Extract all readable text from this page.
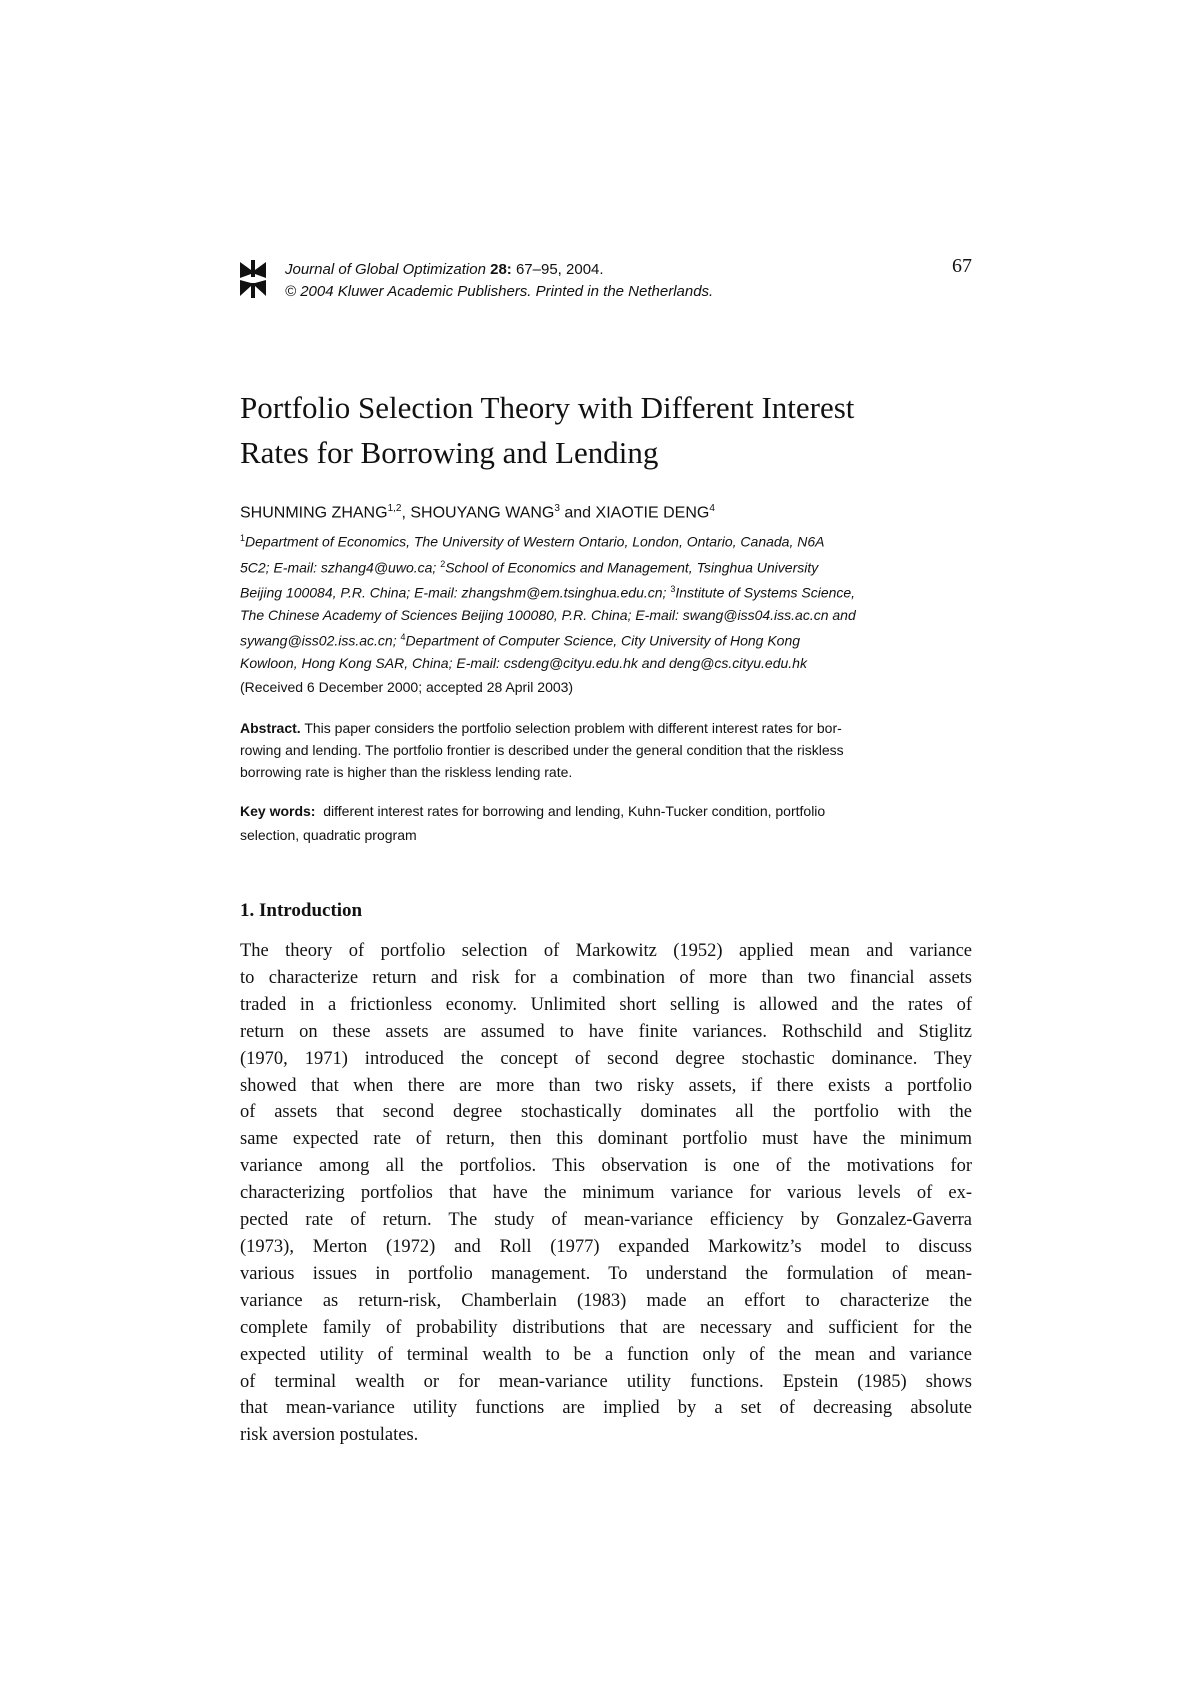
Journal of Global Optimization 28: 67–95, 2004.
© 2004 Kluwer Academic Publishers. Printed in the Netherlands.
67
Portfolio Selection Theory with Different Interest
Rates for Borrowing and Lending
SHUNMING ZHANG$^{1,2}$, SHOUYANG WANG$^3$ and XIAOTIE DENG$^4$
$^1$Department of Economics, The University of Western Ontario, London, Ontario, Canada, N6A
5C2; E-mail: szhang4@uwo.ca; $^2$School of Economics and Management, Tsinghua University
Beijing 100084, P.R. China; E-mail: zhangshm@em.tsinghua.edu.cn; $^3$Institute of Systems Science,
The Chinese Academy of Sciences Beijing 100080, P.R. China; E-mail: swang@iss04.iss.ac.cn and
sywang@iss02.iss.ac.cn; $^4$Department of Computer Science, City University of Hong Kong
Kowloon, Hong Kong SAR, China; E-mail: csdeng@cityu.edu.hk and deng@cs.cityu.edu.hk
(Received 6 December 2000; accepted 28 April 2003)
Abstract. This paper considers the portfolio selection problem with different interest rates for bor-
rowing and lending. The portfolio frontier is described under the general condition that the riskless
borrowing rate is higher than the riskless lending rate.
Key words: different interest rates for borrowing and lending, Kuhn-Tucker condition, portfolio
selection, quadratic program
1. Introduction
The theory of portfolio selection of Markowitz (1952) applied mean and variance
to characterize return and risk for a combination of more than two financial assets
traded in a frictionless economy. Unlimited short selling is allowed and the rates of
return on these assets are assumed to have finite variances. Rothschild and Stiglitz
(1970, 1971) introduced the concept of second degree stochastic dominance. They
showed that when there are more than two risky assets, if there exists a portfolio
of assets that second degree stochastically dominates all the portfolio with the
same expected rate of return, then this dominant portfolio must have the minimum
variance among all the portfolios. This observation is one of the motivations for
characterizing portfolios that have the minimum variance for various levels of ex-
pected rate of return. The study of mean-variance efficiency by Gonzalez-Gaverra
(1973), Merton (1972) and Roll (1977) expanded Markowitz’s model to discuss
various issues in portfolio management. To understand the formulation of mean-
variance as return-risk, Chamberlain (1983) made an effort to characterize the
complete family of probability distributions that are necessary and sufficient for the
expected utility of terminal wealth to be a function only of the mean and variance
of terminal wealth or for mean-variance utility functions. Epstein (1985) shows
that mean-variance utility functions are implied by a set of decreasing absolute
risk aversion postulates.
